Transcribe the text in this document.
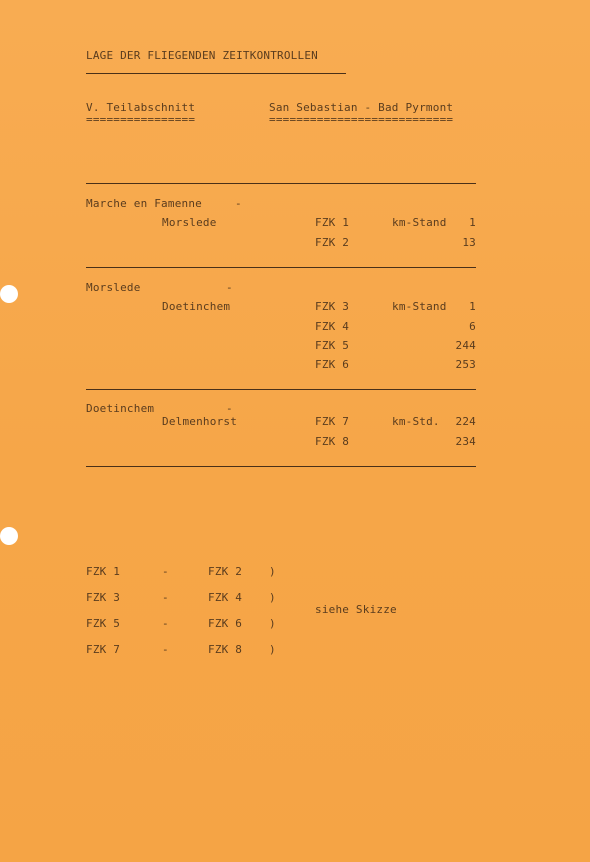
LAGE DER FLIEGENDEN ZEITKONTROLLEN
V. Teilabschnitt
================
San Sebastian - Bad Pyrmont
===========================
Marche en Famenne	-
Morslede	FZK 1	km-Stand 1
FZK 2	13
Morslede	-
Doetinchem	FZK 3	km-Stand 1
FZK 4	6
FZK 5	244
FZK 6	253
Doetinchem	-
Delmenhorst	FZK 7	km-Std. 224
FZK 8	234
FZK 1	-	FZK 2 )
FZK 3	-	FZK 4 )
FZK 5	-	FZK 6 )
FZK 7	-	FZK 8 )
siehe Skizze
